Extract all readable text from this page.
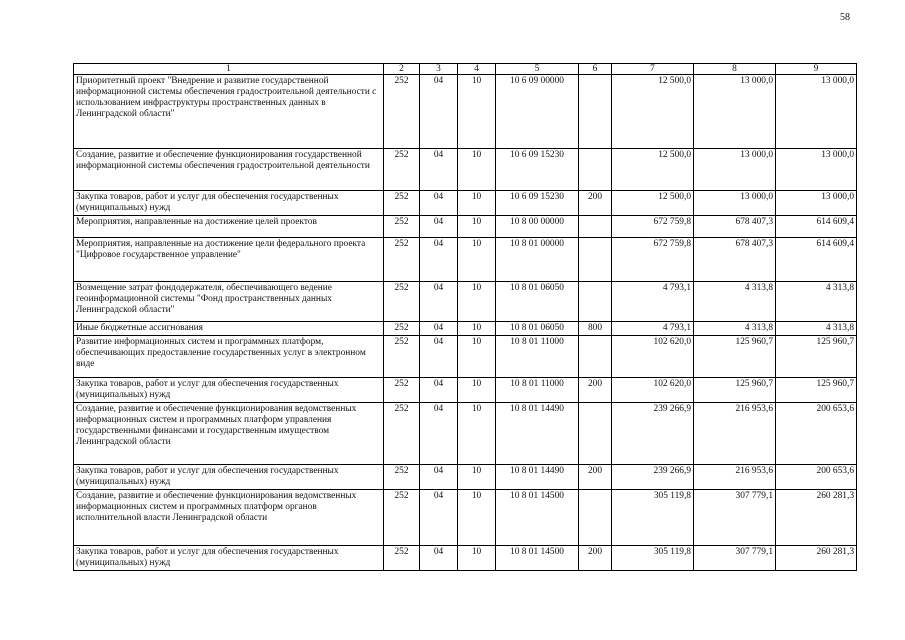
58
1	2	3	4	5	6	7	8	9
Приоритетный проект "Внедрение и развитие государственной информационной системы обеспечения градостроительной деятельности с использованием инфраструктуры пространственных данных в Ленинградской области"	252	04	10	10 6 09 00000		12 500,0	13 000,0	13 000,0
Создание, развитие и обеспечение функционирования государственной информационной системы обеспечения градостроительной деятельности	252	04	10	10 6 09 15230		12 500,0	13 000,0	13 000,0
Закупка товаров, работ и услуг для обеспечения государственных (муниципальных) нужд	252	04	10	10 6 09 15230	200	12 500,0	13 000,0	13 000,0
Мероприятия, направленные на достижение целей проектов	252	04	10	10 8 00 00000		672 759,8	678 407,3	614 609,4
Мероприятия, направленные на достижение цели федерального проекта "Цифровое государственное управление"	252	04	10	10 8 01 00000		672 759,8	678 407,3	614 609,4
Возмещение затрат фондодержателя, обеспечивающего ведение геоинформационной системы "Фонд пространственных данных Ленинградской области"	252	04	10	10 8 01 06050		4 793,1	4 313,8	4 313,8
Иные бюджетные ассигнования	252	04	10	10 8 01 06050	800	4 793,1	4 313,8	4 313,8
Развитие информационных систем и программных платформ, обеспечивающих предоставление государственных услуг в электронном виде	252	04	10	10 8 01 11000		102 620,0	125 960,7	125 960,7
Закупка товаров, работ и услуг для обеспечения государственных (муниципальных) нужд	252	04	10	10 8 01 11000	200	102 620,0	125 960,7	125 960,7
Создание, развитие и обеспечение функционирования ведомственных информационных систем и программных платформ управления государственными финансами и государственным имуществом Ленинградской области	252	04	10	10 8 01 14490		239 266,9	216 953,6	200 653,6
Закупка товаров, работ и услуг для обеспечения государственных (муниципальных) нужд	252	04	10	10 8 01 14490	200	239 266,9	216 953,6	200 653,6
Создание, развитие и обеспечение функционирования ведомственных информационных систем и программных платформ органов исполнительной власти Ленинградской области	252	04	10	10 8 01 14500		305 119,8	307 779,1	260 281,3
Закупка товаров, работ и услуг для обеспечения государственных (муниципальных) нужд	252	04	10	10 8 01 14500	200	305 119,8	307 779,1	260 281,3
